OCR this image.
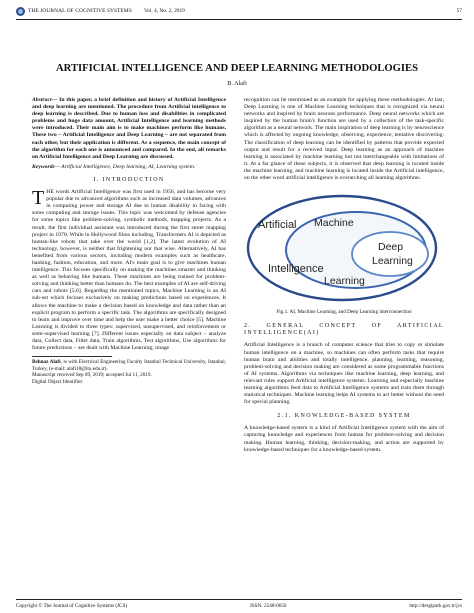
THE JOURNAL OF COGNITIVE SYSTEMS Vol. 4, No. 2, 2019	57
ARTIFICIAL INTELLIGENCE AND DEEP LEARNING METHODOLOGIES
B. Alafi

Abstract— In this paper, a brief definition and history of Artificial Intelligence and deep learning are mentioned. The procedure from Artificial intelligence to deep learning is described. Due to human loss and disabilities in complicated problems and huge data amount, Artificial Intelligence and learning methods were introduced. Their main aim is to make machines perform like humans. These two – Artificial Intelligence and Deep Learning – are not separated from each other, but their application is different. As a sequence, the main concept of the algorithm for each one is announced and compared. In the end, all remarks on Artificial Intelligence and Deep Learning are discussed.

Keywords— Artificial Intelligence, Deep learning, AI, Learning system.

I. INTRODUCTION

THE words Artificial Intelligence was first used in 1956, and has become very popular due to advanced algorithms such as increased data volumes, advances in computing power and storage AI due to human disability in facing with some computing and storage issues. This topic was welcomed by defense agencies for some topics like problem-solving, symbolic methods, mapping projects. As a result, the first individual assistant was introduced during the first street mapping project in 1970. While in Hollywood films including, Transformers AI is depicted as human-like robots that take over the world [1,2]. The latest evolution of AI technology, however, is neither that frightening nor that wise. Alternatively, AI has benefited from various sectors, including modern examples such as healthcare, banking, fashion, education, and more. AI's main goal is to give machines human intelligence. This focuses specifically on making the machines smarter and thinking as well as behaving like humans. These machines are being trained for problem-solving and thinking better than humans do. The best examples of AI are self-driving cars and robots [5,6]. Regarding the mentioned topics, Machine Learning is an AI sub-set which focuses exclusively on making predictions based on experiences. It allows the machine to make a decision based on knowledge and data rather than an explicit program to perform a specific task. The algorithms are specifically designed to learn and improve over time and help the user make a better choice [5]. Machine Learning is divided to three types: supervised, unsupervised, and reinforcement or semi-supervised learning [7]. Different issues especially on data subject – analyze data, Collect data, Filter data, Train algorithms, Test algorithms, Use algorithms for future predictions – are dealt with Machine Learning; image

Behnaz Alafi, is with Electrical Engineering Faculty Istanbul Technical University, Istanbul, Turkey, (e-mail: alafi18@itu.edu.tr).

Manuscript received Sep 09, 2019; accepted Jul 11, 2019.

Digital Object Identifier:

recognition can be mentioned as an example for applying these methodologies. At last, Deep Learning is one of Machine Learning techniques that is recognized via neural networks and inspired by brain neurons performance. Deep neural networks which are inspired by the human brain's function are used by a collection of the task-specific algorithm as a neural network. The main inspiration of deep learning is by neuroscience which is affected by ongoing knowledge, observing, experience, tentative discovering. The classification of deep learning can be identified by patterns that provide expected output and result for a received input. Deep learning as an approach of machine learning is associated by machine learning but not interchangeable with limitations of it. At a far glance of these subjects, it is observed that deep learning is located inside the machine learning, and machine learning is located inside the Artificial intelligence, on the other word artificial intelligence is overarching all learning algorithms.

Artificial
Intelligence
Machine
Learning
Deep
Learning
Fig.1. AI, Machine Learning, and Deep Learning interconnection
2. GENERAL CONCEPT OF ARTIFICIAL INTELLIGENCE(AI)

Artificial Intelligence is a branch of computer science that tries to copy or simulate human intelligence on a machine, so machines can often perform tasks that require human brain and abilities and totally intelligence. planning, learning, reasoning, problem-solving and decision making are considered as some programmable functions of AI systems. Algorithms via techniques like machine learning, deep learning, and relevant rules support Artificial intelligence systems. Learning and especially machine learning algorithms feed data to Artificial Intelligence systems and train them through statistical techniques. Machine learning helps AI systems to act better without the need for special planning.

2.1. KNOWLEDGE-BASED SYSTEM

A knowledge-based system is a kind of Artificial Intelligence system with the aim of capturing knowledge and experiences from human for problem-solving and decision making. Human learning, thinking, decision-making, and action are supported by knowledge-based techniques for a knowledge-based system.

Copyright © The Journal of Cognitive Systems (JCS)	ISSN: 2548-0650	http://dergipark.gov.tr/jcs
